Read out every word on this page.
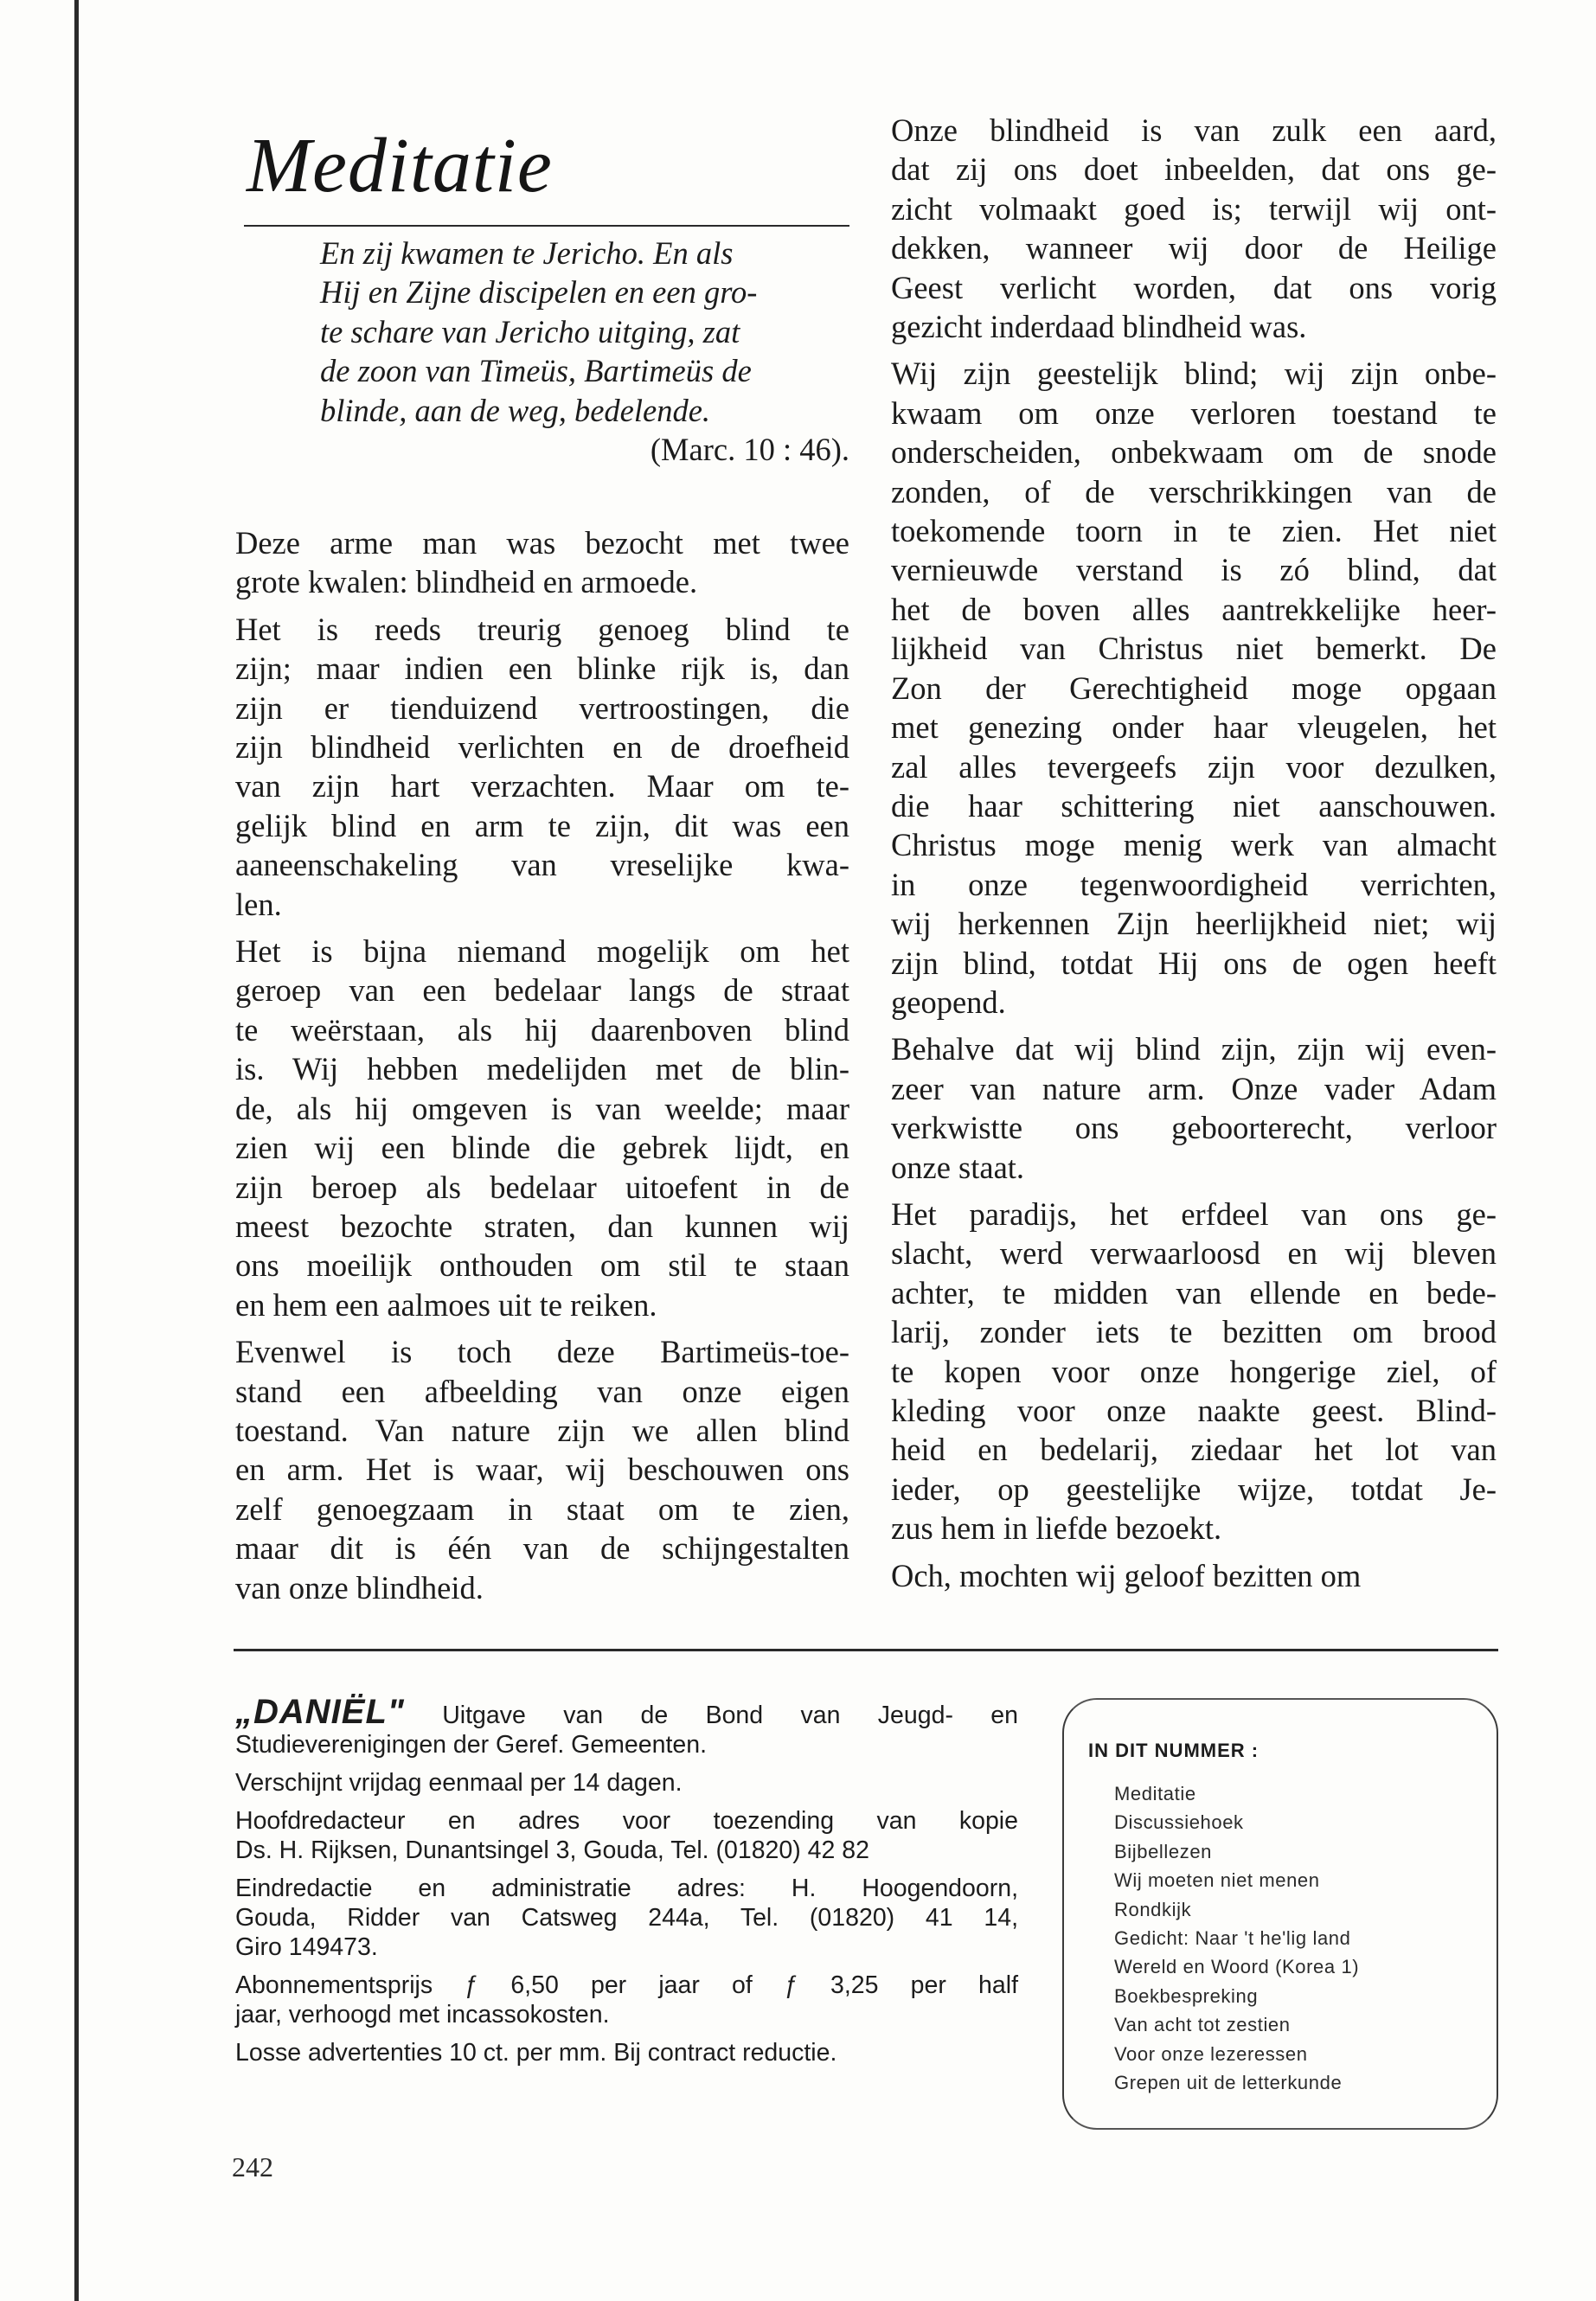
Meditatie
En zij kwamen te Jericho. En als
Hij en Zijne discipelen en een gro-
te schare van Jericho uitging, zat
de zoon van Timeüs, Bartimeüs de
blinde, aan de weg, bedelende.
(Marc. 10 : 46).

Deze arme man was bezocht met twee
grote kwalen: blindheid en armoede.

Het is reeds treurig genoeg blind te
zijn; maar indien een blinke rijk is, dan
zijn er tienduizend vertroostingen, die
zijn blindheid verlichten en de droefheid
van zijn hart verzachten. Maar om te-
gelijk blind en arm te zijn, dit was een
aaneenschakeling van vreselijke kwa-
len.

Het is bijna niemand mogelijk om het
geroep van een bedelaar langs de straat
te weërstaan, als hij daarenboven blind
is. Wij hebben medelijden met de blin-
de, als hij omgeven is van weelde; maar
zien wij een blinde die gebrek lijdt, en
zijn beroep als bedelaar uitoefent in de
meest bezochte straten, dan kunnen wij
ons moeilijk onthouden om stil te staan
en hem een aalmoes uit te reiken.

Evenwel is toch deze Bartimeüs-toe-
stand een afbeelding van onze eigen
toestand. Van nature zijn we allen blind
en arm. Het is waar, wij beschouwen ons
zelf genoegzaam in staat om te zien,
maar dit is één van de schijngestalten
van onze blindheid.

Onze blindheid is van zulk een aard,
dat zij ons doet inbeelden, dat ons ge-
zicht volmaakt goed is; terwijl wij ont-
dekken, wanneer wij door de Heilige
Geest verlicht worden, dat ons vorig
gezicht inderdaad blindheid was.

Wij zijn geestelijk blind; wij zijn onbe-
kwaam om onze verloren toestand te
onderscheiden, onbekwaam om de snode
zonden, of de verschrikkingen van de
toekomende toorn in te zien. Het niet
vernieuwde verstand is zó blind, dat
het de boven alles aantrekkelijke heer-
lijkheid van Christus niet bemerkt. De
Zon der Gerechtigheid moge opgaan
met genezing onder haar vleugelen, het
zal alles tevergeefs zijn voor dezulken,
die haar schittering niet aanschouwen.
Christus moge menig werk van almacht
in onze tegenwoordigheid verrichten,
wij herkennen Zijn heerlijkheid niet; wij
zijn blind, totdat Hij ons de ogen heeft
geopend.

Behalve dat wij blind zijn, zijn wij even-
zeer van nature arm. Onze vader Adam
verkwistte ons geboorterecht, verloor
onze staat.

Het paradijs, het erfdeel van ons ge-
slacht, werd verwaarloosd en wij bleven
achter, te midden van ellende en bede-
larij, zonder iets te bezitten om brood
te kopen voor onze hongerige ziel, of
kleding voor onze naakte geest. Blind-
heid en bedelarij, ziedaar het lot van
ieder, op geestelijke wijze, totdat Je-
zus hem in liefde bezoekt.

Och, mochten wij geloof bezitten om

„DANIËL" Uitgave van de Bond van Jeugd- en
Studieverenigingen der Geref. Gemeenten.
Verschijnt vrijdag eenmaal per 14 dagen.
Hoofdredacteur en adres voor toezending van kopie
Ds. H. Rijksen, Dunantsingel 3, Gouda, Tel. (01820) 42 82
Eindredactie en administratie adres: H. Hoogendoorn,
Gouda, Ridder van Catsweg 244a, Tel. (01820) 41 14,
Giro 149473.
Abonnementsprijs ƒ 6,50 per jaar of ƒ 3,25 per half
jaar, verhoogd met incassokosten.
Losse advertenties 10 ct. per mm. Bij contract reductie.
IN DIT NUMMER :
Meditatie
Discussiehoek
Bijbellezen
Wij moeten niet menen
Rondkijk
Gedicht: Naar 't he'lig land
Wereld en Woord (Korea 1)
Boekbespreking
Van acht tot zestien
Voor onze lezeressen
Grepen uit de letterkunde
242
